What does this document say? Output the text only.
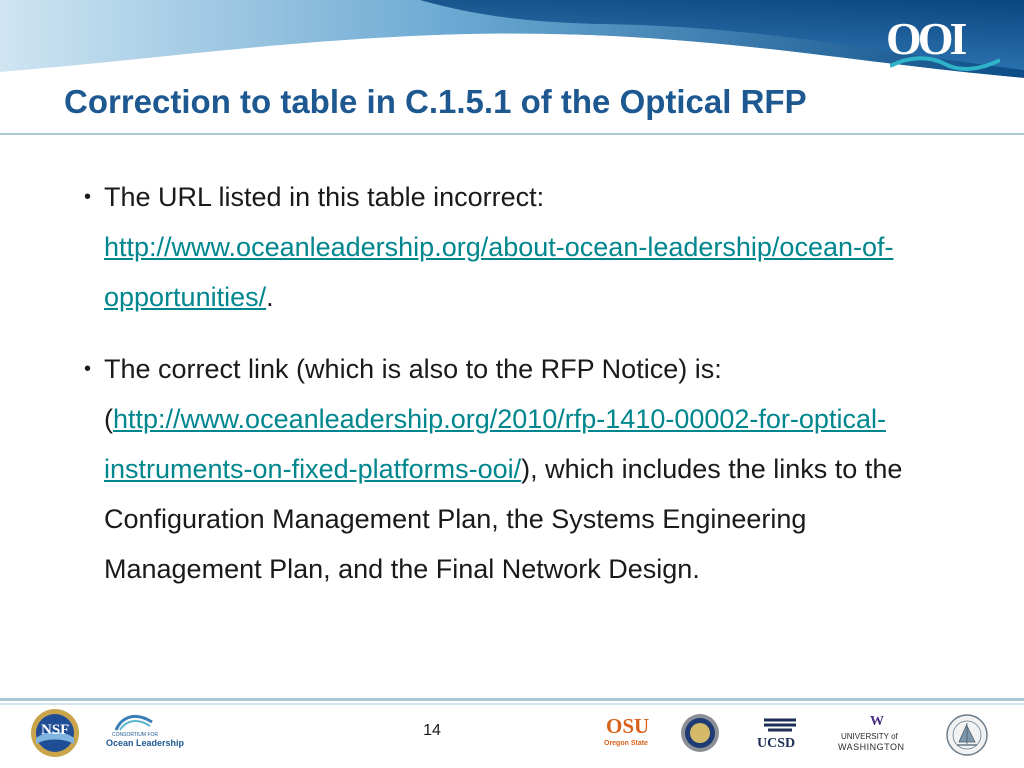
OOI
Correction to table in C.1.5.1 of the Optical RFP
• The URL listed in this table incorrect: http://www.oceanleadership.org/about-ocean-leadership/ocean-of-opportunities/.

• The correct link (which is also to the RFP Notice) is: (http://www.oceanleadership.org/2010/rfp-1410-00002-for-optical-instruments-on-fixed-platforms-ooi/), which includes the links to the Configuration Management Plan, the Systems Engineering Management Plan, and the Final Network Design.

14
NSF	CONSORTIUM FOR
Ocean Leadership
OSU
Oregon State	UCSD
W
UNIVERSITY of
WASHINGTON
